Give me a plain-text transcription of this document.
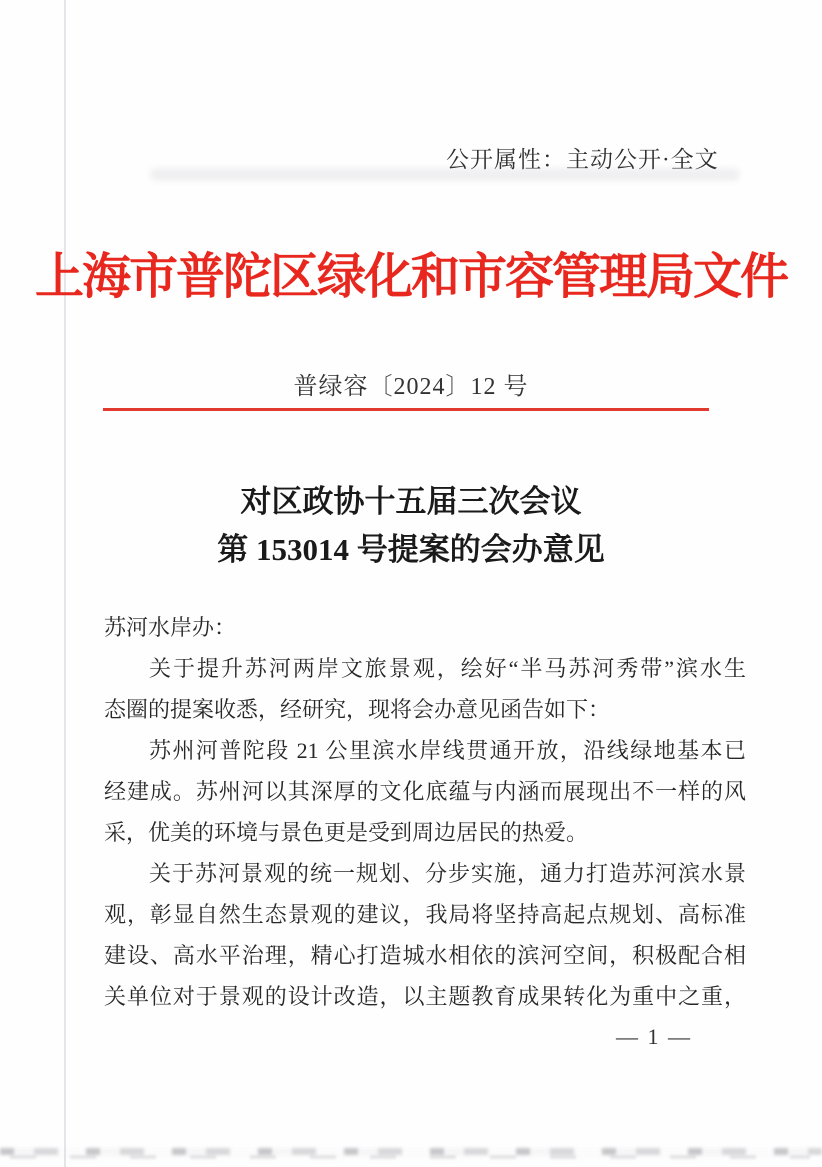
公开属性：主动公开·全文
上海市普陀区绿化和市容管理局文件
普绿容〔2024〕12 号
对区政协十五届三次会议
第 153014 号提案的会办意见
苏河水岸办：
关于提升苏河两岸文旅景观，绘好“半马苏河秀带”滨水生
态圈的提案收悉，经研究，现将会办意见函告如下：
苏州河普陀段 21 公里滨水岸线贯通开放，沿线绿地基本已
经建成。苏州河以其深厚的文化底蕴与内涵而展现出不一样的风
采，优美的环境与景色更是受到周边居民的热爱。
关于苏河景观的统一规划、分步实施，通力打造苏河滨水景
观，彰显自然生态景观的建议，我局将坚持高起点规划、高标准
建设、高水平治理，精心打造城水相依的滨河空间，积极配合相
关单位对于景观的设计改造，以主题教育成果转化为重中之重，
— 1 —
